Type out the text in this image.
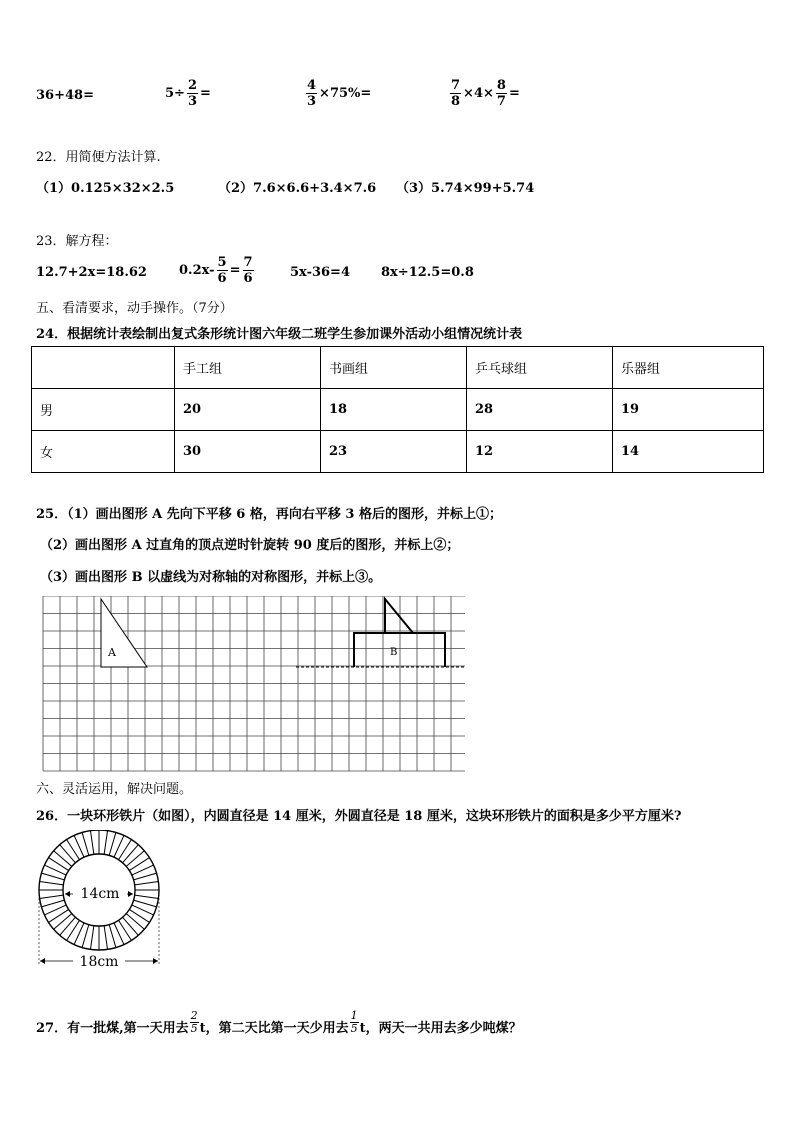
36+48=	$5\div \frac{2}{3}$ =	$\frac{4}{3} \times 75\%=$	$\frac{7}{8} \times 4\times \frac{8}{7}$ =
22．用简便方法计算.
（1）0.125×32×2.5	（2）7.6×6.6+3.4×7.6 （3）5.74×99+5.74
23．解方程：
12.7+2x=18.62 $0.2x- \frac{5}{6} = \frac{7}{6}$	5x-36=4 8x÷12.5=0.8
五、看清要求，动手操作。（7分）
24．根据统计表绘制出复式条形统计图六年级二班学生参加课外活动小组情况统计表
	手工组	书画组	乒乓球组	乐器组
男	20	18	28	19
女	30	23	12	14
25．（1）画出图形 A 先向下平移 6 格，再向右平移 3 格后的图形，并标上①；
（2）画出图形 A 过直角的顶点逆时针旋转 90 度后的图形，并标上②；
（3）画出图形 B 以虚线为对称轴的对称图形，并标上③。
A	B
六、灵活运用，解决问题。
26．一块环形铁片（如图），内圆直径是 14 厘米，外圆直径是 18 厘米，这块环形铁片的面积是多少平方厘米?
14cm
18cm
27．有一批煤,第一天用去
2
5 t，第二天比第一天少用去
1
5 t，两天一共用去多少吨煤？
